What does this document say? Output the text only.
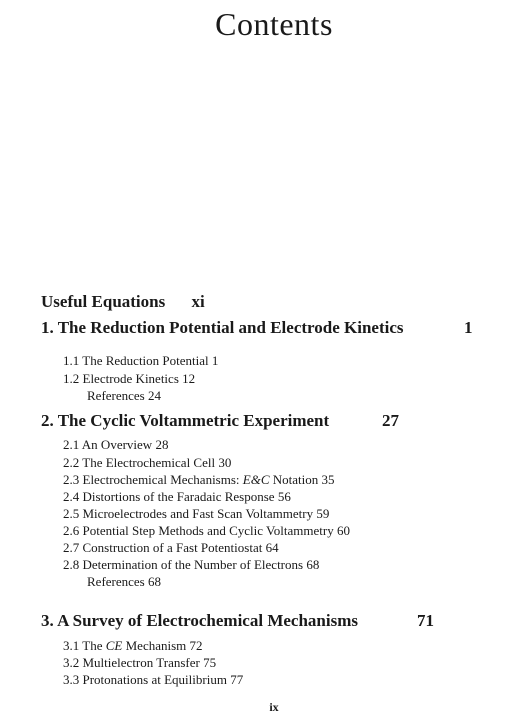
Contents
Useful Equations xi
1. The Reduction Potential and Electrode Kinetics	1
1.1 The Reduction Potential 1
1.2 Electrode Kinetics 12
References 24
2. The Cyclic Voltammetric Experiment	27
2.1 An Overview 28
2.2 The Electrochemical Cell 30
2.3 Electrochemical Mechanisms: E&C Notation 35
2.4 Distortions of the Faradaic Response 56
2.5 Microelectrodes and Fast Scan Voltammetry 59
2.6 Potential Step Methods and Cyclic Voltammetry 60
2.7 Construction of a Fast Potentiostat 64
2.8 Determination of the Number of Electrons 68
References 68
3. A Survey of Electrochemical Mechanisms	71
3.1 The CE Mechanism 72
3.2 Multielectron Transfer 75
3.3 Protonations at Equilibrium 77
ix
